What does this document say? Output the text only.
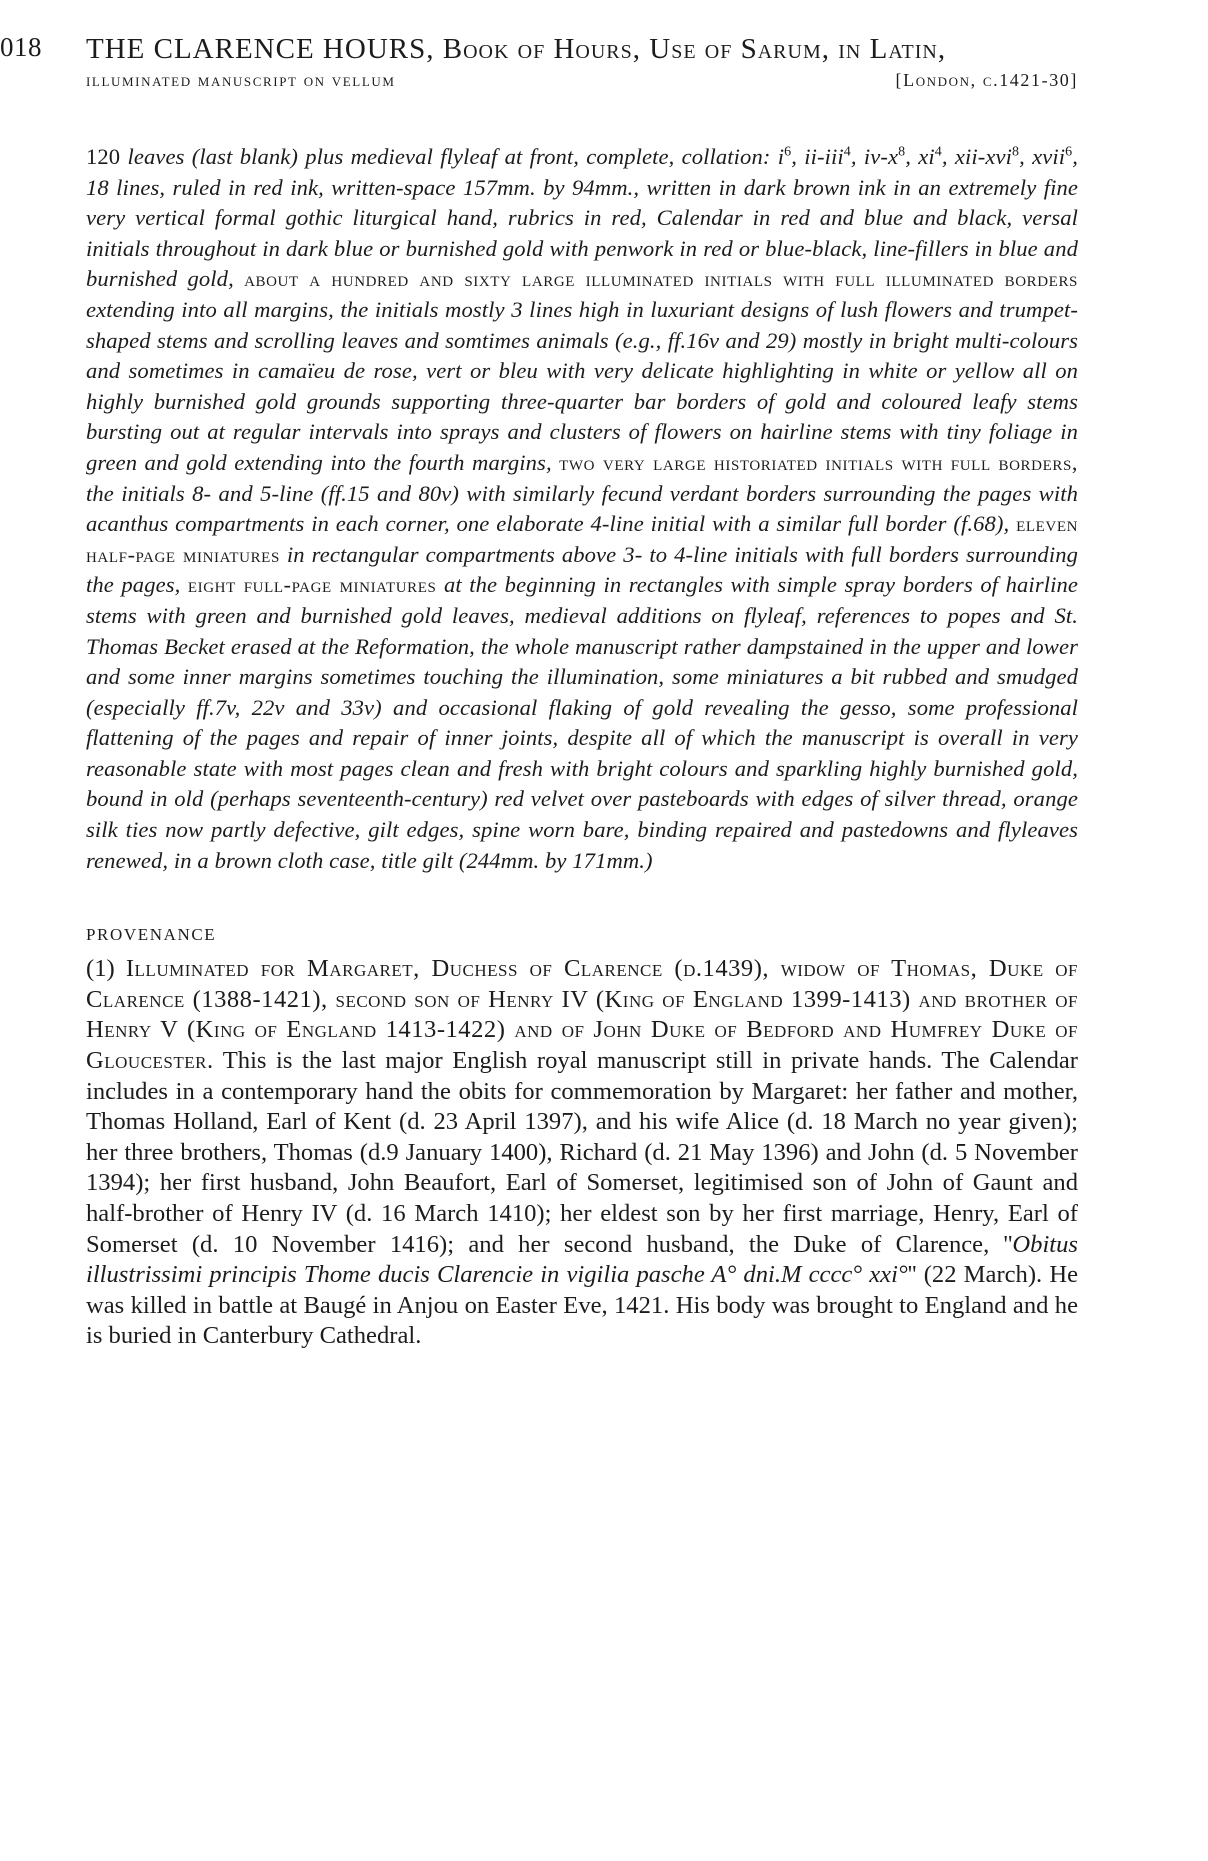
018 THE CLARENCE HOURS, Book of Hours, Use of Sarum, in Latin,
illuminated manuscript on vellum	[London, c.1421-30]

120 leaves (last blank) plus medieval flyleaf at front, complete, collation: $i^6$, ii-iii$^4$, $iv-x^8$, $xi^4$, xii-xvi$^8$, xvii$^6$, 18 lines, ruled in red ink, written-space 157mm. by 94mm., written in dark brown ink in an extremely fine very vertical formal gothic liturgical hand, rubrics in red, Calendar in red and blue and black, versal initials throughout in dark blue or burnished gold with penwork in red or blue-black, line-fillers in blue and burnished gold, about a hundred and sixty large illuminated initials with full illuminated borders extending into all margins, the initials mostly 3 lines high in luxuriant designs of lush flowers and trumpet-shaped stems and scrolling leaves and somtimes animals (e.g., ff.16v and 29) mostly in bright multi-colours and sometimes in camaïeu de rose, vert or bleu with very delicate highlighting in white or yellow all on highly burnished gold grounds supporting three-quarter bar borders of gold and coloured leafy stems bursting out at regular intervals into sprays and clusters of flowers on hairline stems with tiny foliage in green and gold extending into the fourth margins, two very large historiated initials with full borders, the initials 8- and 5-line (ff.15 and 80v) with similarly fecund verdant borders surrounding the pages with acanthus compartments in each corner, one elaborate 4-line initial with a similar full border (f.68), eleven half-page miniatures in rectangular compartments above 3- to 4-line initials with full borders surrounding the pages, eight full-page miniatures at the beginning in rectangles with simple spray borders of hairline stems with green and burnished gold leaves, medieval additions on flyleaf, references to popes and St. Thomas Becket erased at the Reformation, the whole manuscript rather dampstained in the upper and lower and some inner margins sometimes touching the illumination, some miniatures a bit rubbed and smudged (especially ff.7v, 22v and 33v) and occasional flaking of gold revealing the gesso, some professional flattening of the pages and repair of inner joints, despite all of which the manuscript is overall in very reasonable state with most pages clean and fresh with bright colours and sparkling highly burnished gold, bound in old (perhaps seventeenth-century) red velvet over pasteboards with edges of silver thread, orange silk ties now partly defective, gilt edges, spine worn bare, binding repaired and pastedowns and flyleaves renewed, in a brown cloth case, title gilt (244mm. by 171mm.)

PROVENANCE

(1) Illuminated for Margaret, Duchess of Clarence (d.1439), widow of Thomas, Duke of Clarence (1388-1421), second son of Henry IV (King of England 1399-1413) and brother of Henry V (King of England 1413-1422) and of John Duke of Bedford and Humfrey Duke of Gloucester. This is the last major English royal manuscript still in private hands. The Calendar includes in a contemporary hand the obits for commemoration by Margaret: her father and mother, Thomas Holland, Earl of Kent (d. 23 April 1397), and his wife Alice (d. 18 March no year given); her three brothers, Thomas (d.9 January 1400), Richard (d. 21 May 1396) and John (d. 5 November 1394); her first husband, John Beaufort, Earl of Somerset, legitimised son of John of Gaunt and half-brother of Henry IV (d. 16 March 1410); her eldest son by her first marriage, Henry, Earl of Somerset (d. 10 November 1416); and her second husband, the Duke of Clarence, ''Obitus illustrissimi principis Thome ducis Clarencie in vigilia pasche A° dni.M cccc° xxi°'' (22 March). He was killed in battle at Baugé in Anjou on Easter Eve, 1421. His body was brought to England and he is buried in Canterbury Cathedral.
